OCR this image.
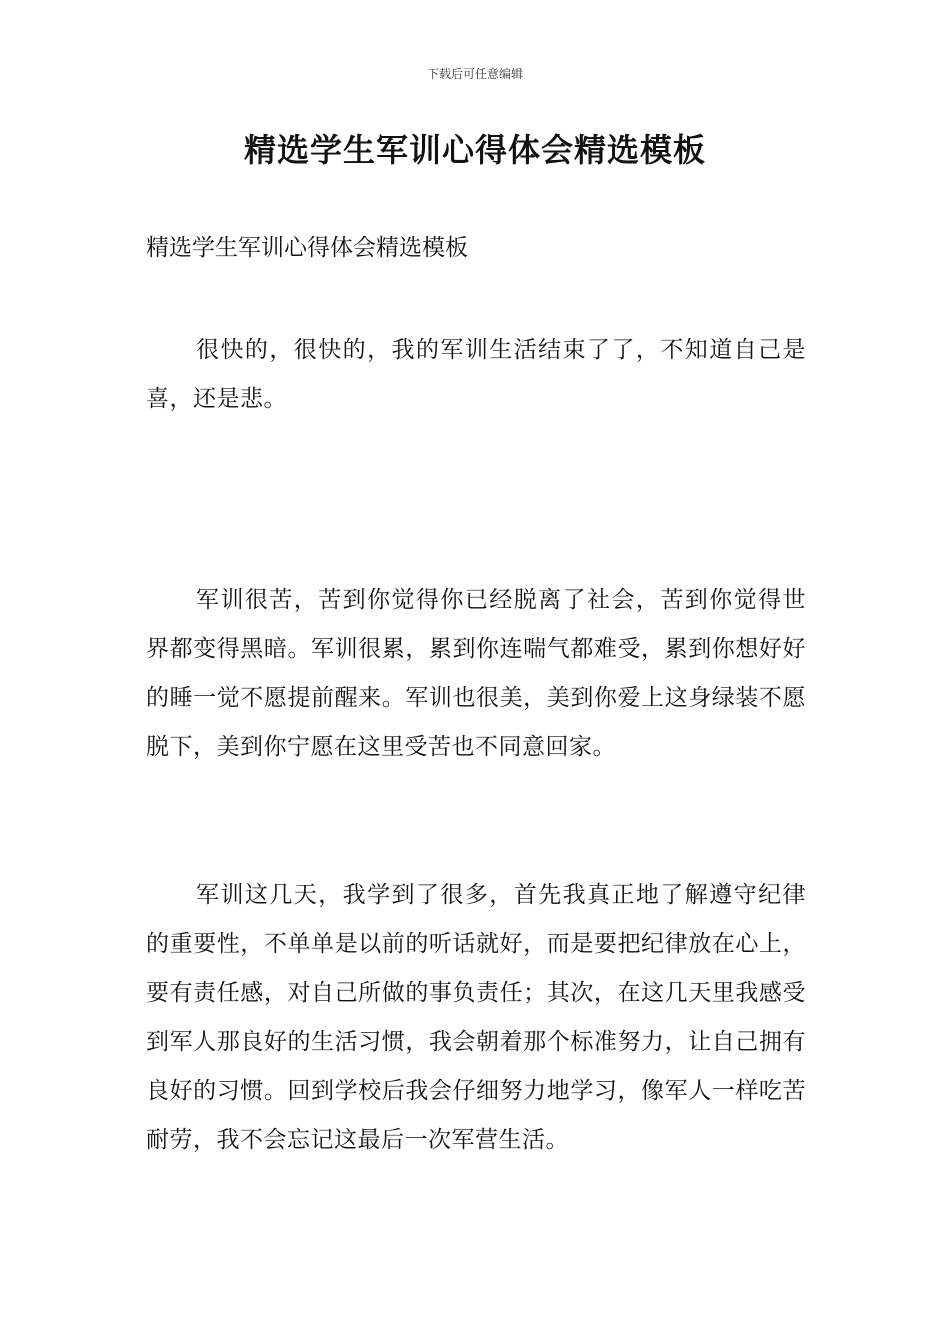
下载后可任意编辑
精选学生军训心得体会精选模板

精选学生军训心得体会精选模板

很快的，很快的，我的军训生活结束了了，不知道自己是喜，还是悲。

军训很苦，苦到你觉得你已经脱离了社会，苦到你觉得世界都变得黑暗。军训很累，累到你连喘气都难受，累到你想好好的睡一觉不愿提前醒来。军训也很美，美到你爱上这身绿装不愿脱下，美到你宁愿在这里受苦也不同意回家。

军训这几天，我学到了很多，首先我真正地了解遵守纪律的重要性，不单单是以前的听话就好，而是要把纪律放在心上，要有责任感，对自己所做的事负责任；其次，在这几天里我感受到军人那良好的生活习惯，我会朝着那个标准努力，让自己拥有良好的习惯。回到学校后我会仔细努力地学习，像军人一样吃苦耐劳，我不会忘记这最后一次军营生活。
